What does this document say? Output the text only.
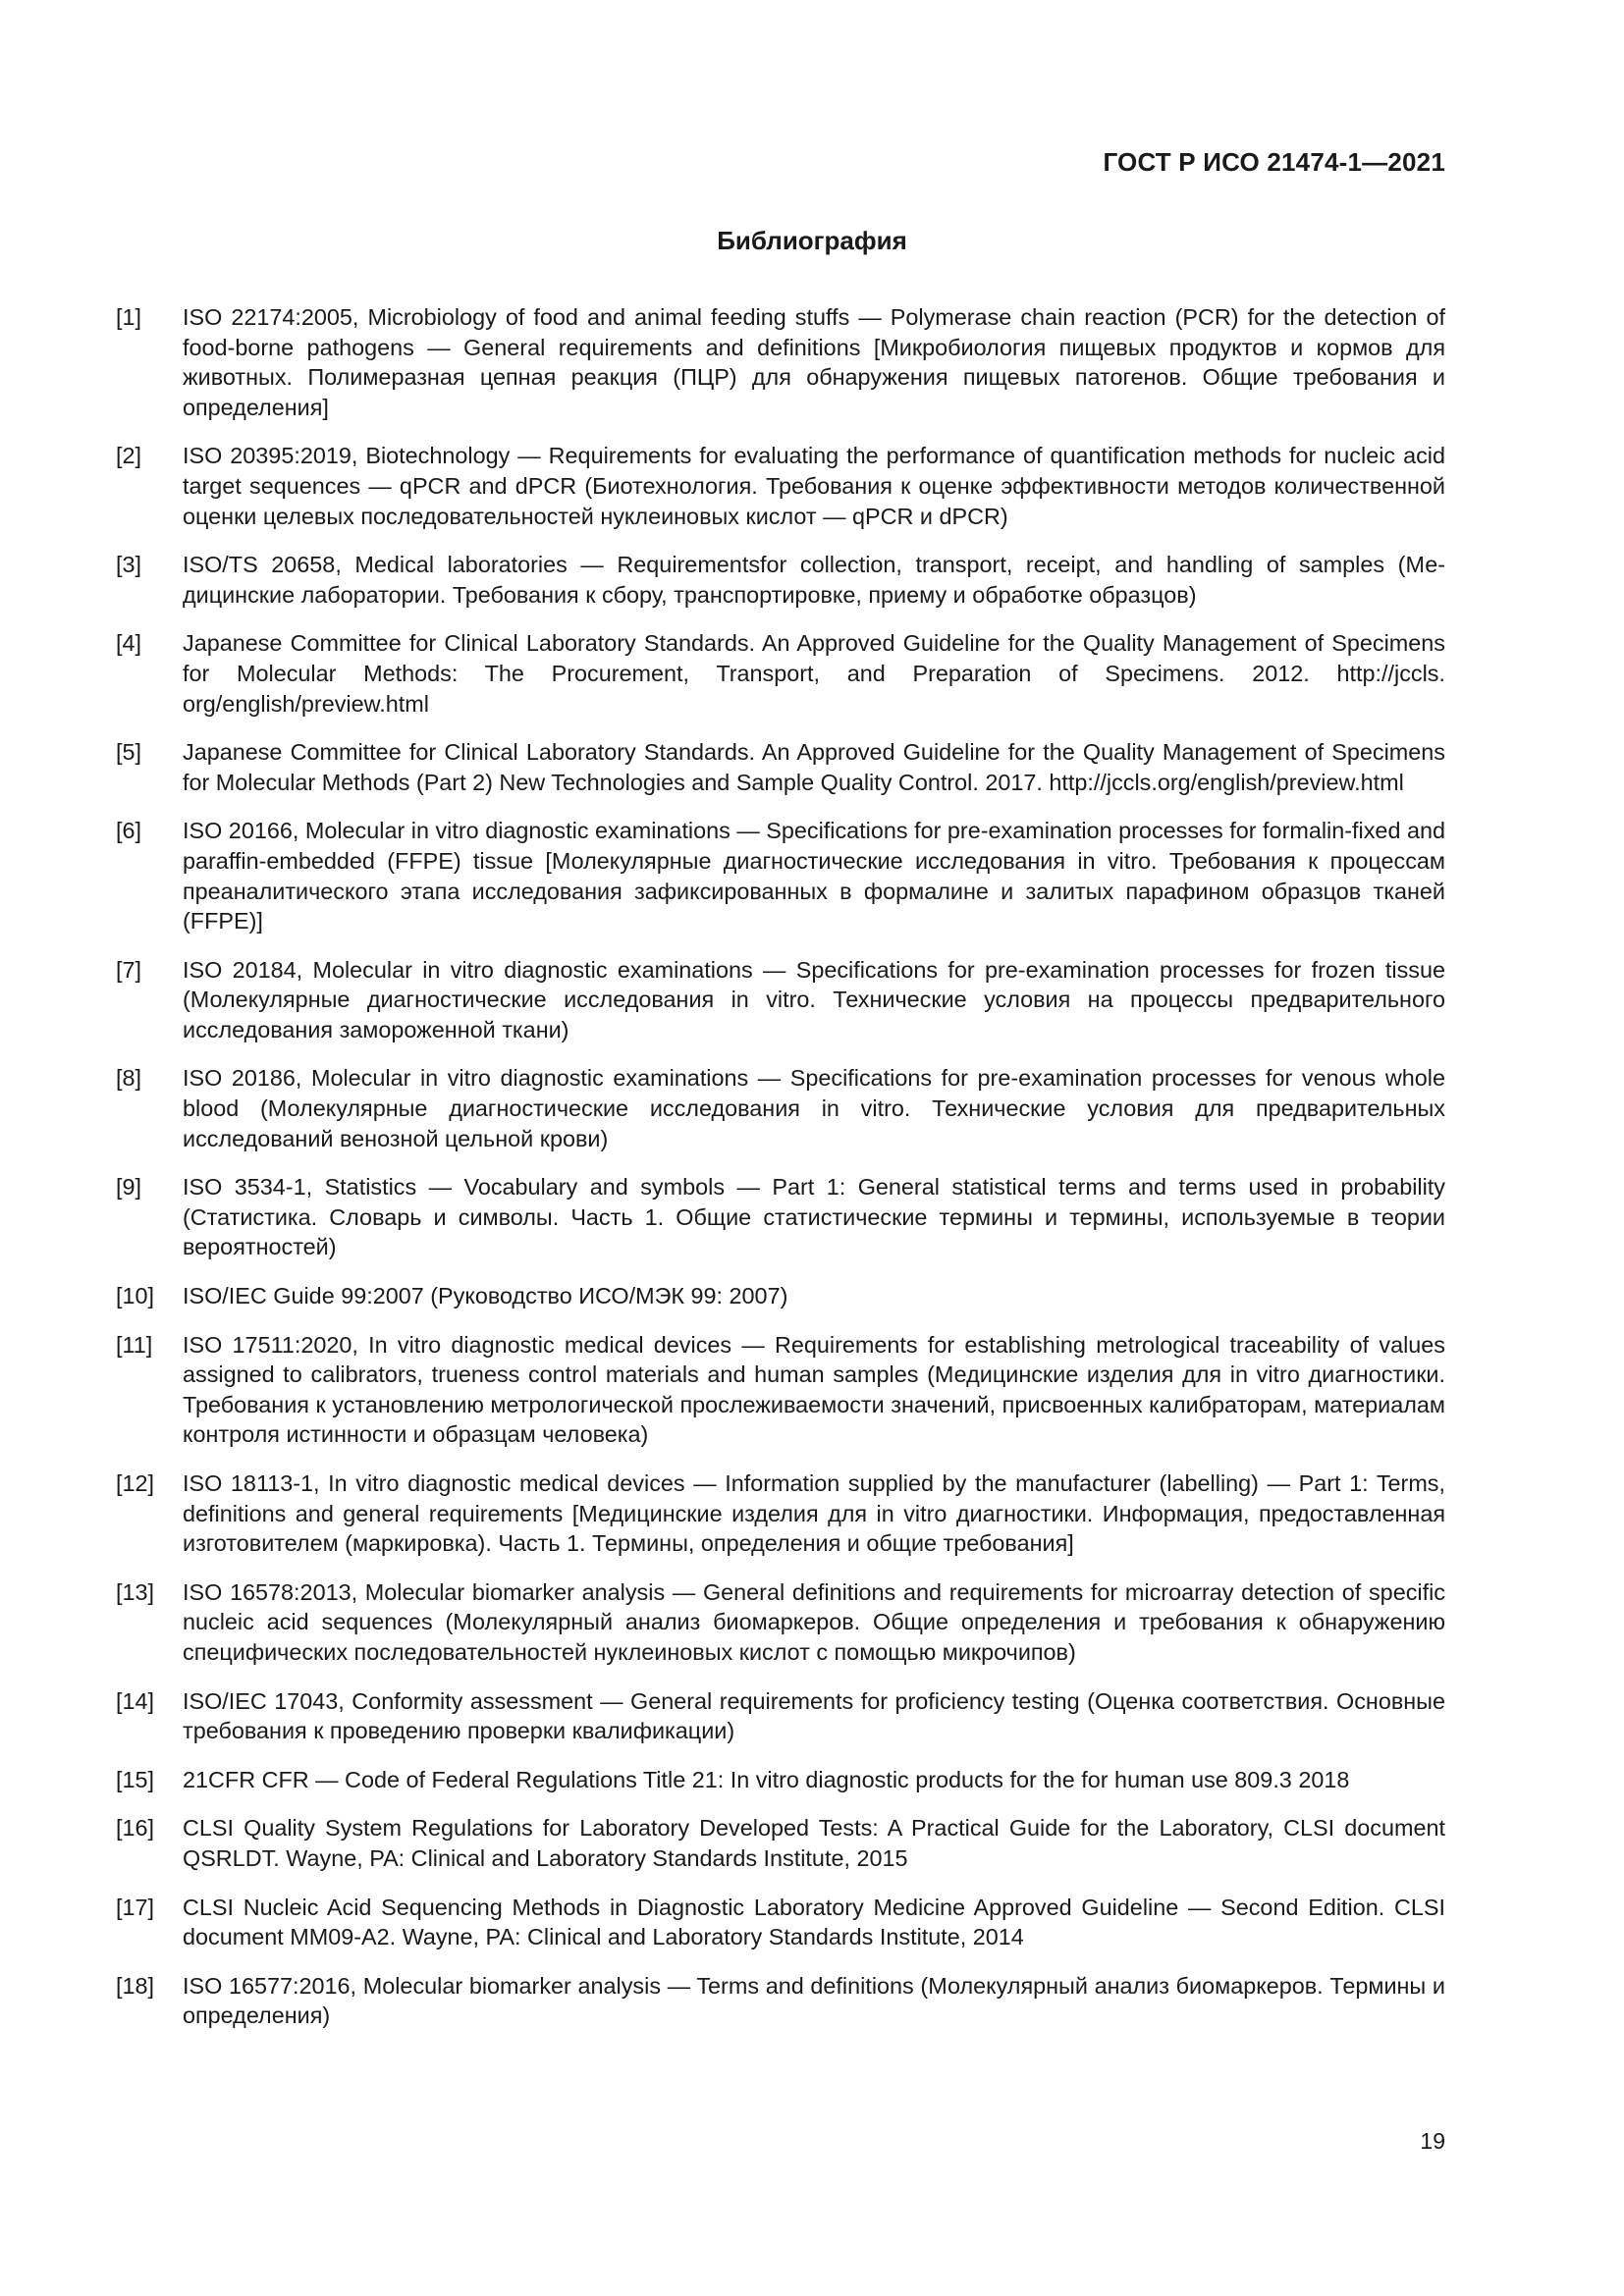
ГОСТ Р ИСО 21474-1—2021
Библиография
[1]	ISO 22174:2005, Microbiology of food and animal feeding stuffs — Polymerase chain reaction (PCR) for the detection of food-borne pathogens — General requirements and definitions [Микробиология пищевых продуктов и кормов для животных. Полимеразная цепная реакция (ПЦР) для обнаружения пищевых патогенов. Общие требования и определения]
[2]	ISO 20395:2019, Biotechnology — Requirements for evaluating the performance of quantification methods for nucleic acid target sequences — qPCR and dPCR (Биотехнология. Требования к оценке эффективности методов количественной оценки целевых последовательностей нуклеиновых кислот — qPCR и dPCR)
[3]	ISO/TS 20658, Medical laboratories — Requirementsfor collection, transport, receipt, and handling of samples (Медицинские лаборатории. Требования к сбору, транспортировке, приему и обработке образцов)
[4]	Japanese Committee for Clinical Laboratory Standards. An Approved Guideline for the Quality Management of Specimens for Molecular Methods: The Procurement, Transport, and Preparation of Specimens. 2012. http://jccls.​org/english/preview.html
[5]	Japanese Committee for Clinical Laboratory Standards. An Approved Guideline for the Quality Management of Specimens for Molecular Methods (Part 2) New Technologies and Sample Quality Control. 2017. http://jccls.org/​english/preview.html
[6]	ISO 20166, Molecular in vitro diagnostic examinations — Specifications for pre-examination processes for formalin-​fixed and paraffin-embedded (FFPE) tissue [Молекулярные диагностические исследования in vitro. Требования к процессам преаналитического этапа исследования зафиксированных в формалине и залитых парафином образцов тканей (FFPE)]
[7]	ISO 20184, Molecular in vitro diagnostic examinations — Specifications for pre-examination processes for frozen tissue (Молекулярные диагностические исследования in vitro. Технические условия на процессы предварительного исследования замороженной ткани)
[8]	ISO 20186, Molecular in vitro diagnostic examinations — Specifications for pre-examination processes for venous whole blood (Молекулярные диагностические исследования in vitro. Технические условия для предварительных исследований венозной цельной крови)
[9]	ISO 3534-1, Statistics — Vocabulary and symbols — Part 1: General statistical terms and terms used in probability (Статистика. Словарь и символы. Часть 1. Общие статистические термины и термины, используемые в теории вероятностей)
[10]	ISO/IEC Guide 99:2007 (Руководство ИСО/МЭК 99: 2007)
[11]	ISO 17511:2020, In vitro diagnostic medical devices — Requirements for establishing metrological traceability of values assigned to calibrators, trueness control materials and human samples (Медицинские изделия для in vitro диагностики. Требования к установлению метрологической прослеживаемости значений, присвоенных калибраторам, материалам контроля истинности и образцам человека)
[12]	ISO 18113-1, In vitro diagnostic medical devices — Information supplied by the manufacturer (labelling) — Part 1: Terms, definitions and general requirements [Медицинские изделия для in vitro диагностики. Информация, предоставленная изготовителем (маркировка). Часть 1. Термины, определения и общие требования]
[13]	ISO 16578:2013, Molecular biomarker analysis — General definitions and requirements for microarray detection of specific nucleic acid sequences (Молекулярный анализ биомаркеров. Общие определения и требования к обнаружению специфических последовательностей нуклеиновых кислот с помощью микрочипов)
[14]	ISO/IEC 17043, Conformity assessment — General requirements for proficiency testing (Оценка соответствия. Основные требования к проведению проверки квалификации)
[15]	21CFR CFR — Code of Federal Regulations Title 21: In vitro diagnostic products for the for human use 809.3 2018
[16]	CLSI Quality System Regulations for Laboratory Developed Tests: A Practical Guide for the Laboratory, CLSI document QSRLDT. Wayne, PA: Clinical and Laboratory Standards Institute, 2015
[17]	CLSI Nucleic Acid Sequencing Methods in Diagnostic Laboratory Medicine Approved Guideline — Second Edition. CLSI document MM09-A2. Wayne, PA: Clinical and Laboratory Standards Institute, 2014
[18]	ISO 16577:2016, Molecular biomarker analysis — Terms and definitions (Молекулярный анализ биомаркеров. Термины и определения)
19
